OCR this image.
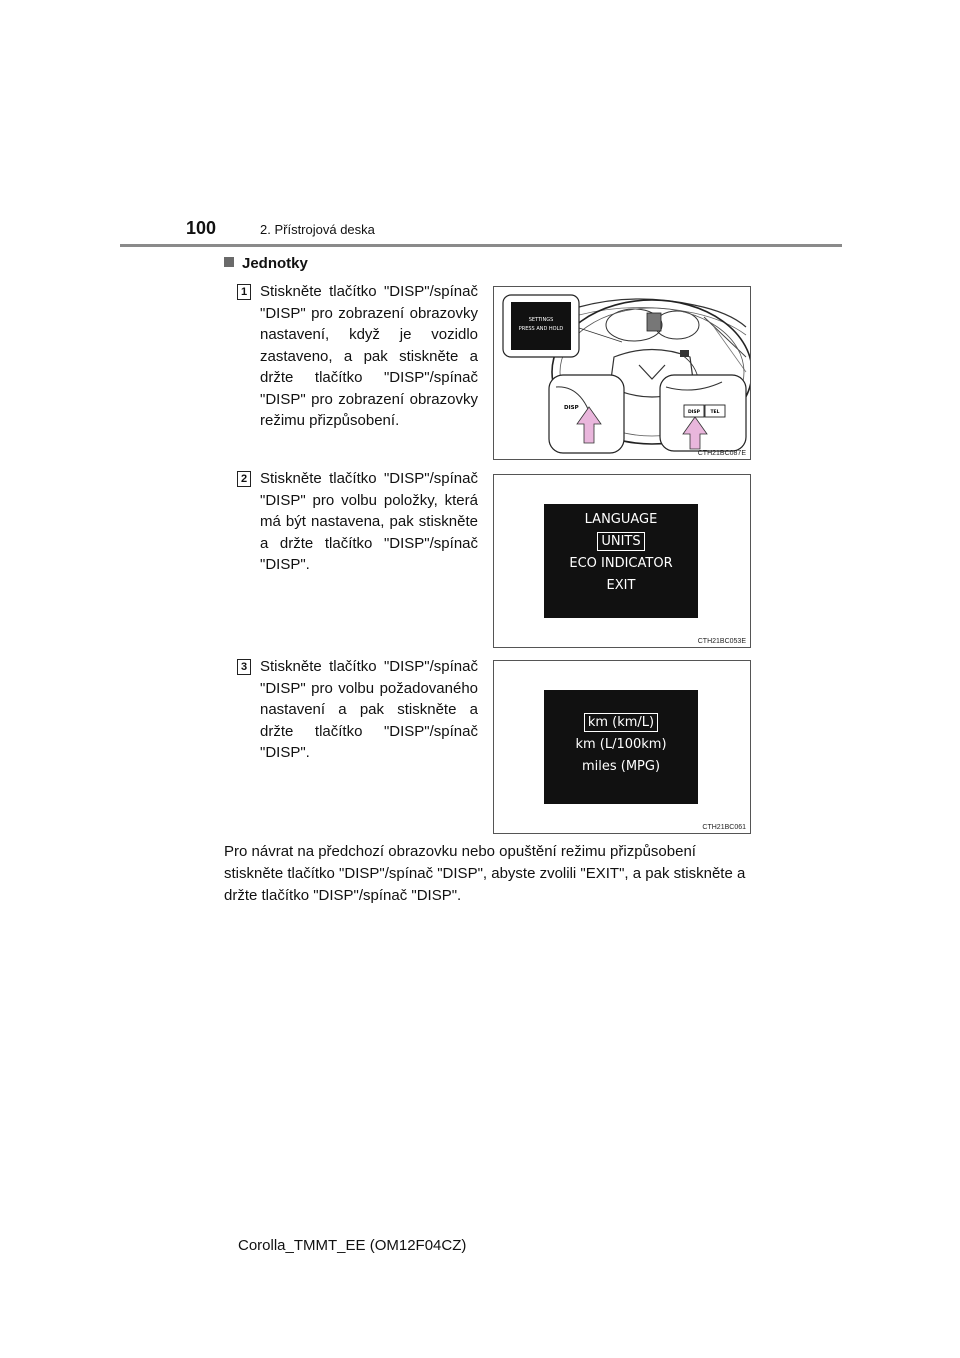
100	2. Přístrojová deska
Jednotky
1 Stiskněte tlačítko "DISP"/spínač "DISP" pro zobrazení obrazovky nastavení, když je vozidlo zastaveno, a pak stiskněte a držte tlačítko "DISP"/spínač "DISP" pro zobrazení obrazovky režimu přizpůsobení.
SETTINGS
PRESS AND HOLD
DISP
DISP TEL
CTH21BC087E
2 Stiskněte tlačítko "DISP"/spínač "DISP" pro volbu položky, která má být nastavena, pak stiskněte a držte tlačítko "DISP"/spínač "DISP".
LANGUAGE
UNITS
ECO INDICATOR
EXIT
CTH21BC053E
3 Stiskněte tlačítko "DISP"/spínač "DISP" pro volbu požadovaného nastavení a pak stiskněte a držte tlačítko "DISP"/spínač "DISP".
km (km/L)
km (L/100km)
miles (MPG)
CTH21BC061
Pro návrat na předchozí obrazovku nebo opuštění režimu přizpůsobení stiskněte tlačítko "DISP"/spínač "DISP", abyste zvolili "EXIT", a pak stiskněte a držte tlačítko "DISP"/spínač "DISP".
Corolla_TMMT_EE (OM12F04CZ)
